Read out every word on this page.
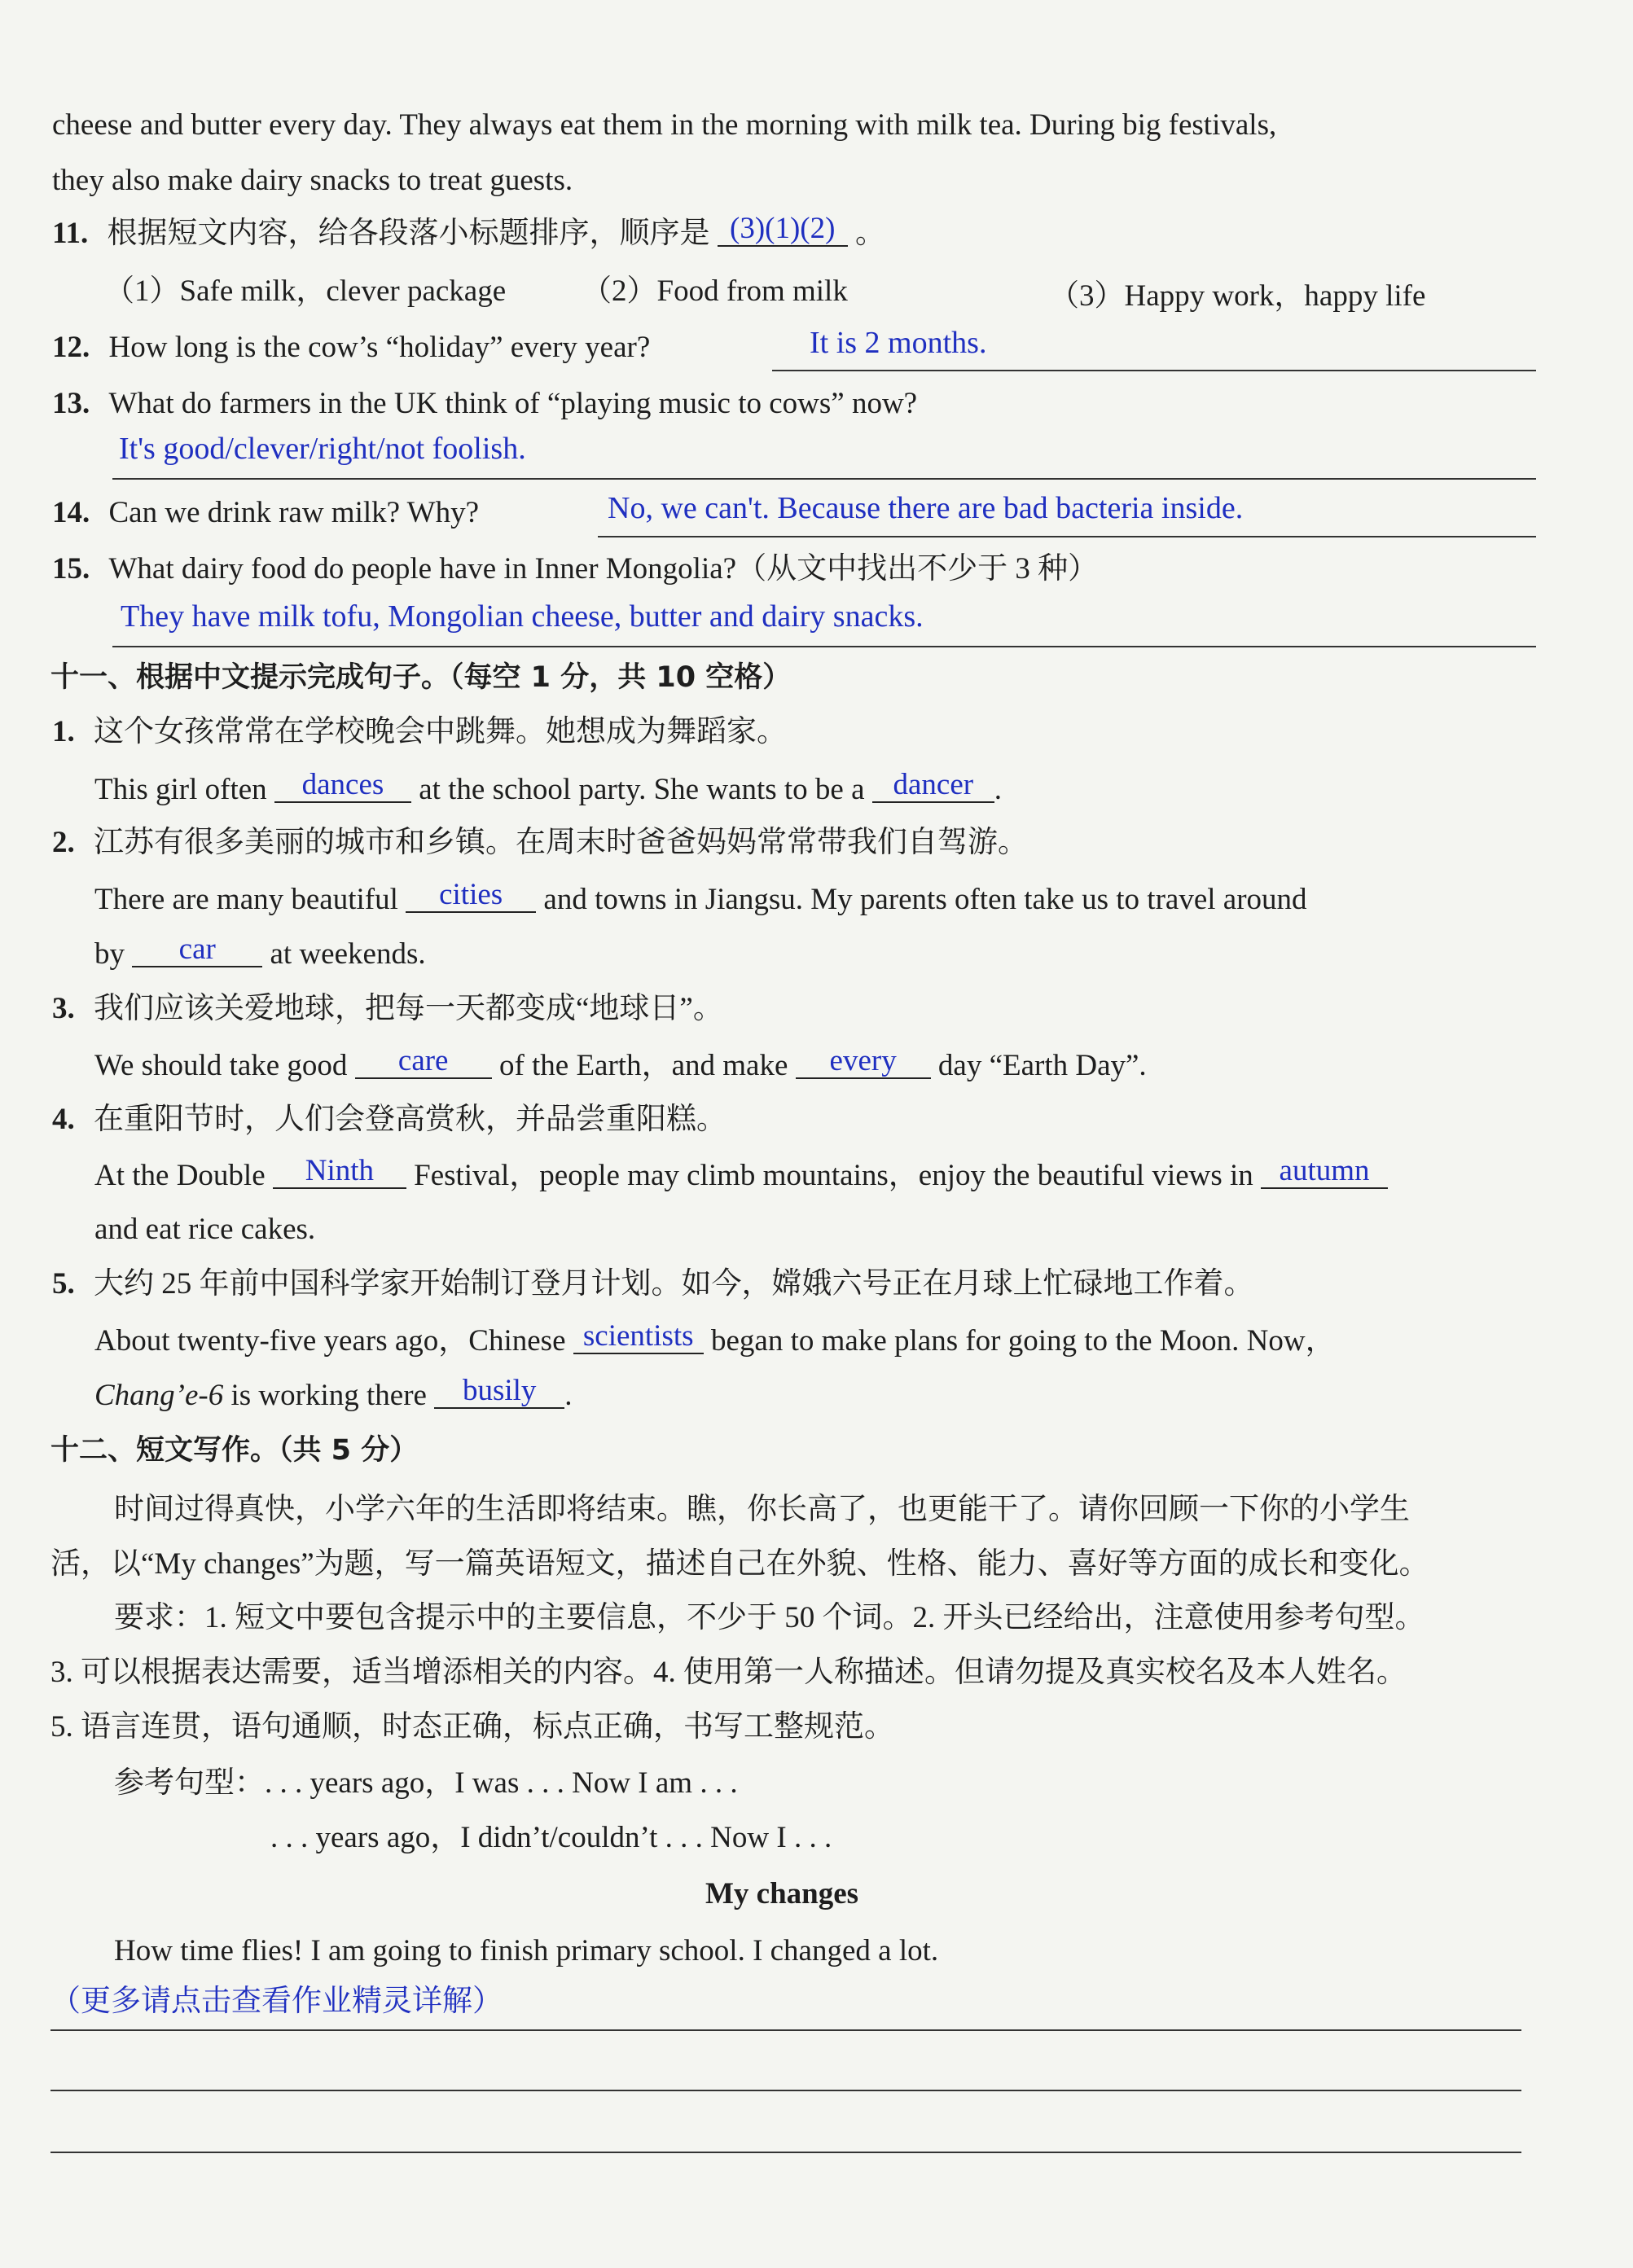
cheese and butter every day. They always eat them in the morning with milk tea. During big festivals,
they also make dairy snacks to treat guests.
11. 根据短文内容，给各段落小标题排序，顺序是 (3)(1)(2) 。
（1）Safe milk，clever package	（2）Food from milk	（3）Happy work，happy life
12. How long is the cow’s “holiday” every year?	It is 2 months.
13. What do farmers in the UK think of “playing music to cows” now?
It's good/clever/right/not foolish.
14. Can we drink raw milk? Why?	No, we can't. Because there are bad bacteria inside.
15. What dairy food do people have in Inner Mongolia?（从文中找出不少于 3 种）
They have milk tofu, Mongolian cheese, butter and dairy snacks.
十一、根据中文提示完成句子。（每空 1 分，共 10 空格）
1. 这个女孩常常在学校晚会中跳舞。她想成为舞蹈家。
This girl often dances at the school party. She wants to be a dancer .
2. 江苏有很多美丽的城市和乡镇。在周末时爸爸妈妈常常带我们自驾游。
There are many beautiful cities and towns in Jiangsu. My parents often take us to travel around
by car at weekends.
3. 我们应该关爱地球，把每一天都变成“地球日”。
We should take good care of the Earth，and make every day “Earth Day”.
4. 在重阳节时，人们会登高赏秋，并品尝重阳糕。
At the Double Ninth Festival，people may climb mountains，enjoy the beautiful views in autumn
and eat rice cakes.
5. 大约 25 年前中国科学家开始制订登月计划。如今，嫦娥六号正在月球上忙碌地工作着。
About twenty-five years ago，Chinese scientists began to make plans for going to the Moon. Now，
Chang’e-6 is working there busily .
十二、短文写作。（共 5 分）
时间过得真快，小学六年的生活即将结束。瞧，你长高了，也更能干了。请你回顾一下你的小学生
活，以“My changes”为题，写一篇英语短文，描述自己在外貌、性格、能力、喜好等方面的成长和变化。
要求：1. 短文中要包含提示中的主要信息，不少于 50 个词。2. 开头已经给出，注意使用参考句型。
3. 可以根据表达需要，适当增添相关的内容。4. 使用第一人称描述。但请勿提及真实校名及本人姓名。
5. 语言连贯，语句通顺，时态正确，标点正确，书写工整规范。
参考句型：. . . years ago，I was . . . Now I am . . .
. . . years ago，I didn’t/couldn’t . . . Now I . . .
My changes
How time flies! I am going to finish primary school. I changed a lot.
（更多请点击查看作业精灵详解）
